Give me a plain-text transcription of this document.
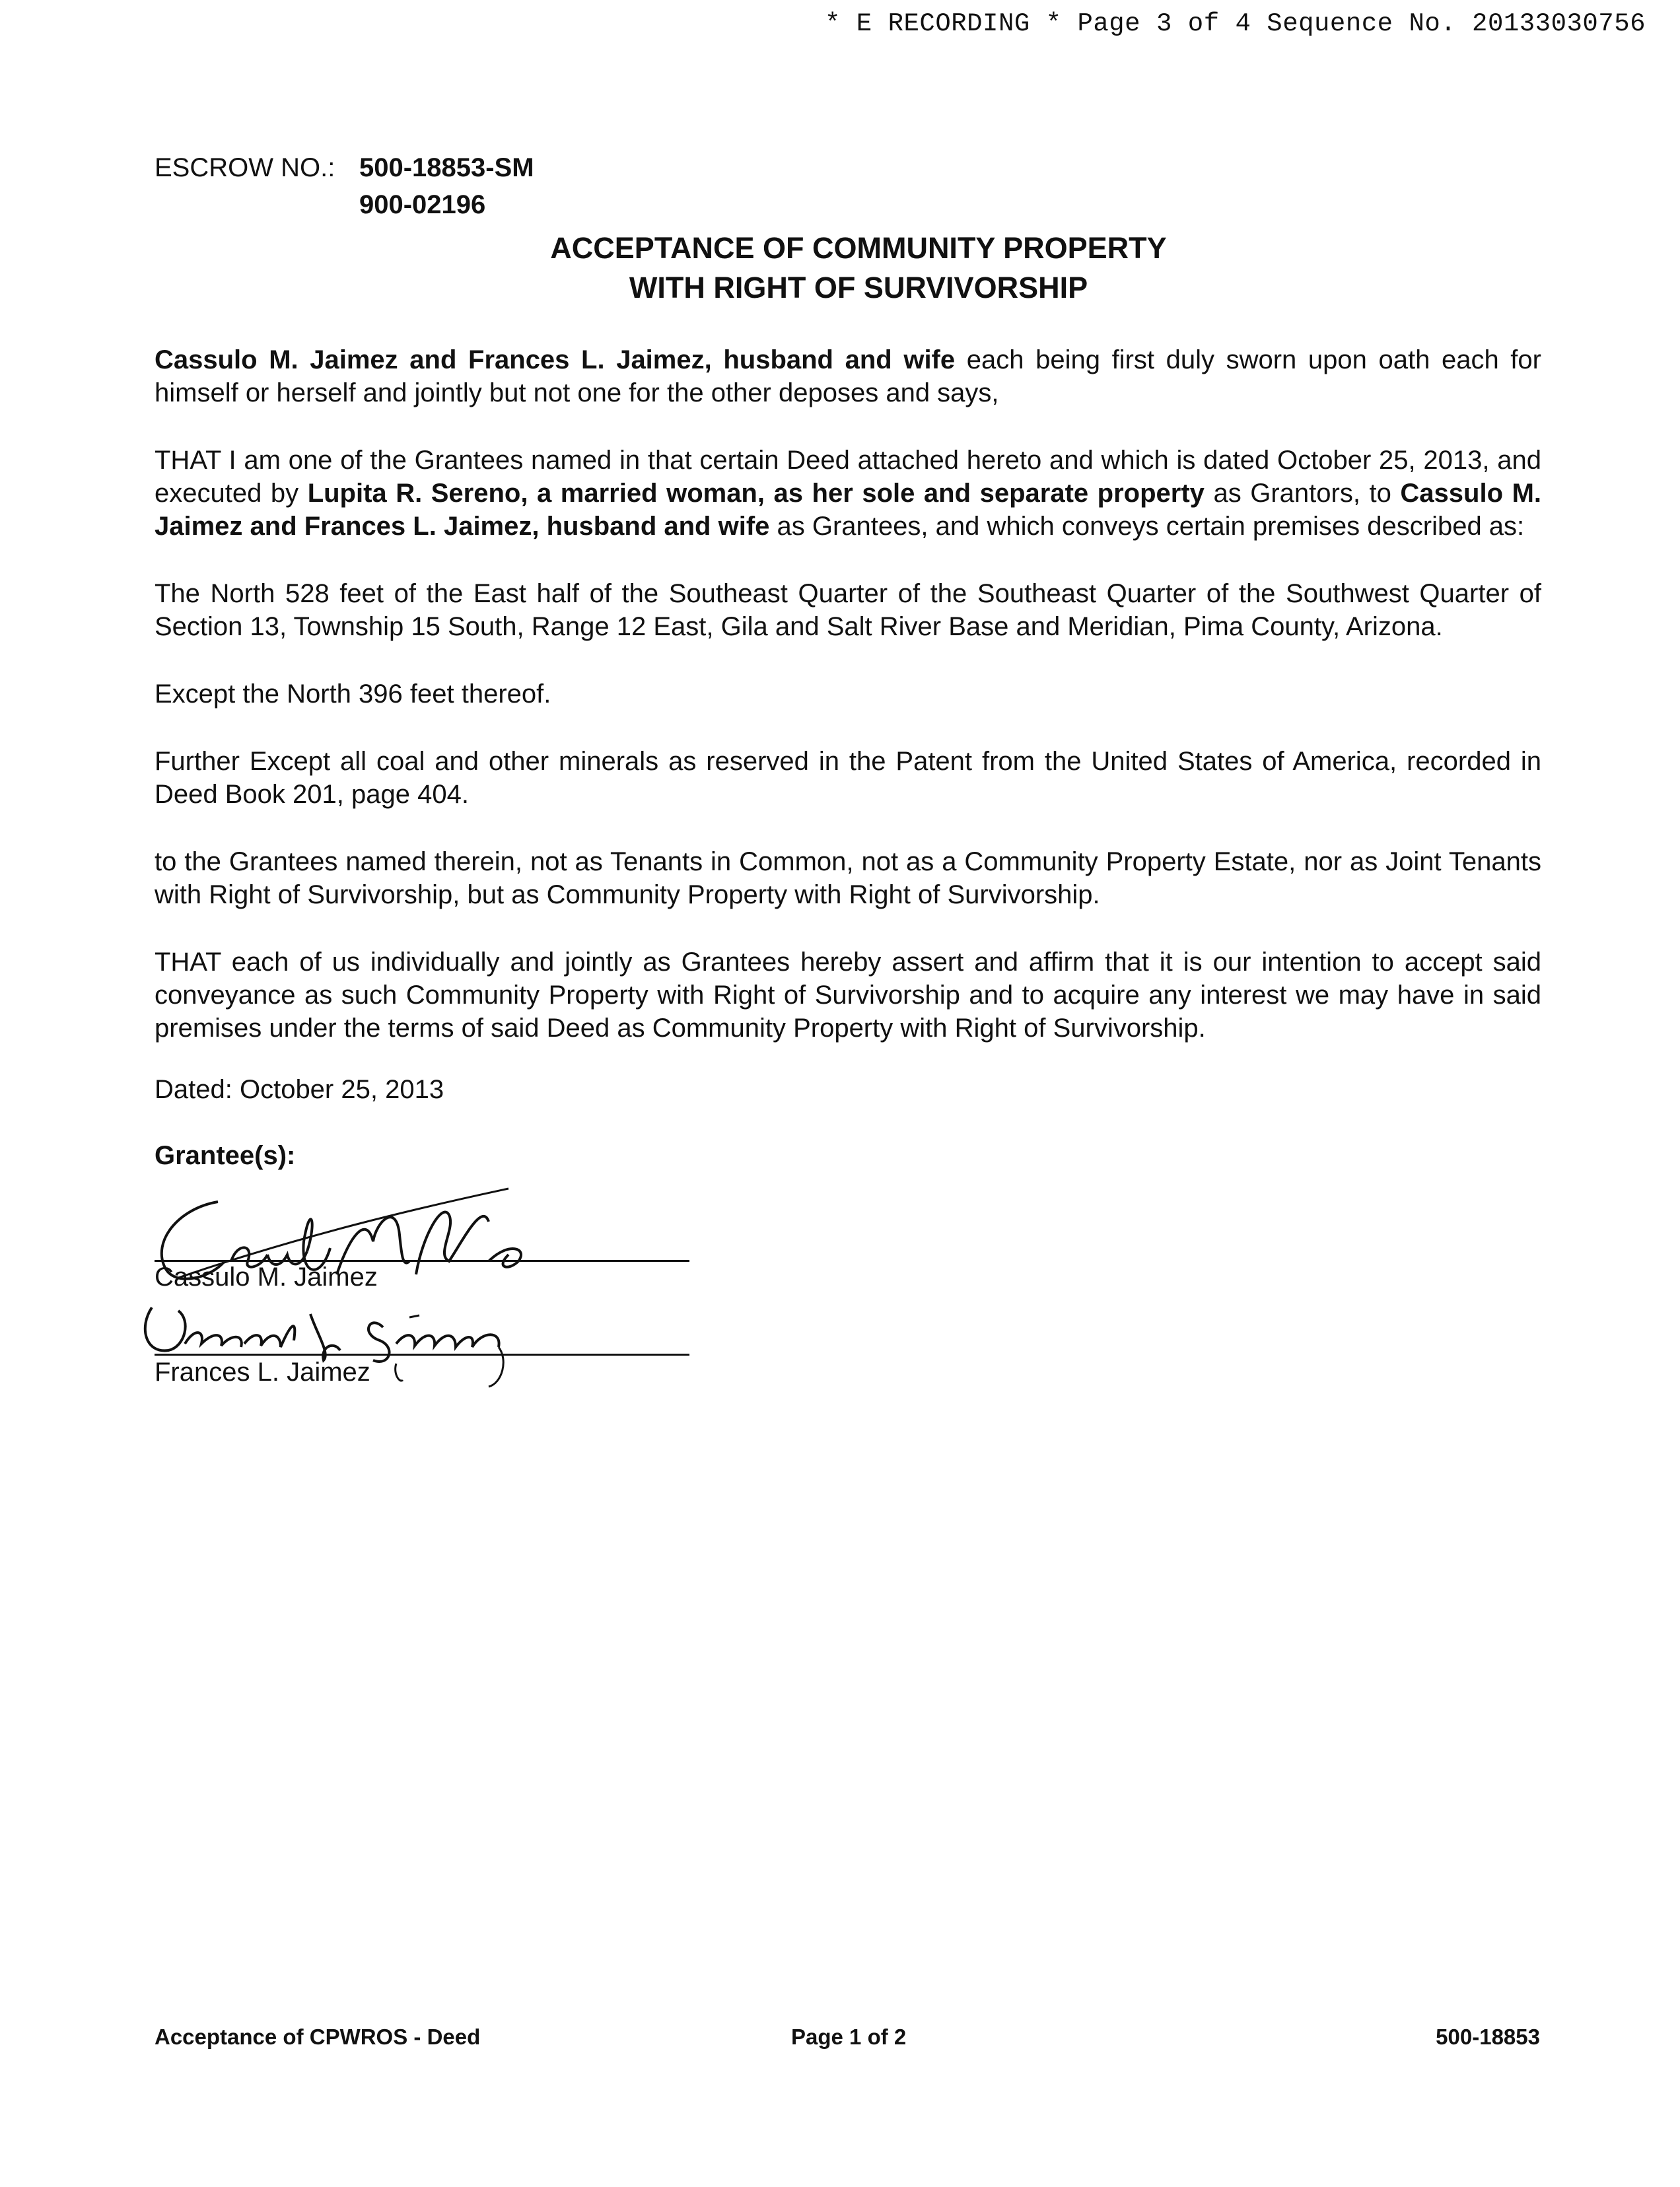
* E RECORDING * Page 3 of 4 Sequence No. 20133030756
ESCROW NO.: 500-18853-SM
900-02196
ACCEPTANCE OF COMMUNITY PROPERTY
WITH RIGHT OF SURVIVORSHIP

Cassulo M. Jaimez and Frances L. Jaimez, husband and wife each being first duly sworn upon oath each for himself or herself and jointly but not one for the other deposes and says,

THAT I am one of the Grantees named in that certain Deed attached hereto and which is dated October 25, 2013, and executed by Lupita R. Sereno, a married woman, as her sole and separate property as Grantors, to Cassulo M. Jaimez and Frances L. Jaimez, husband and wife as Grantees, and which conveys certain premises described as:

The North 528 feet of the East half of the Southeast Quarter of the Southeast Quarter of the Southwest Quarter of Section 13, Township 15 South, Range 12 East, Gila and Salt River Base and Meridian, Pima County, Arizona.

Except the North 396 feet thereof.

Further Except all coal and other minerals as reserved in the Patent from the United States of America, recorded in Deed Book 201, page 404.

to the Grantees named therein, not as Tenants in Common, not as a Community Property Estate, nor as Joint Tenants with Right of Survivorship, but as Community Property with Right of Survivorship.

THAT each of us individually and jointly as Grantees hereby assert and affirm that it is our intention to accept said conveyance as such Community Property with Right of Survivorship and to acquire any interest we may have in said premises under the terms of said Deed as Community Property with Right of Survivorship.

Dated: October 25, 2013
Grantee(s):
Cassulo M. Jaimez
Frances L. Jaimez
Acceptance of CPWROS - Deed	Page 1 of 2	500-18853
